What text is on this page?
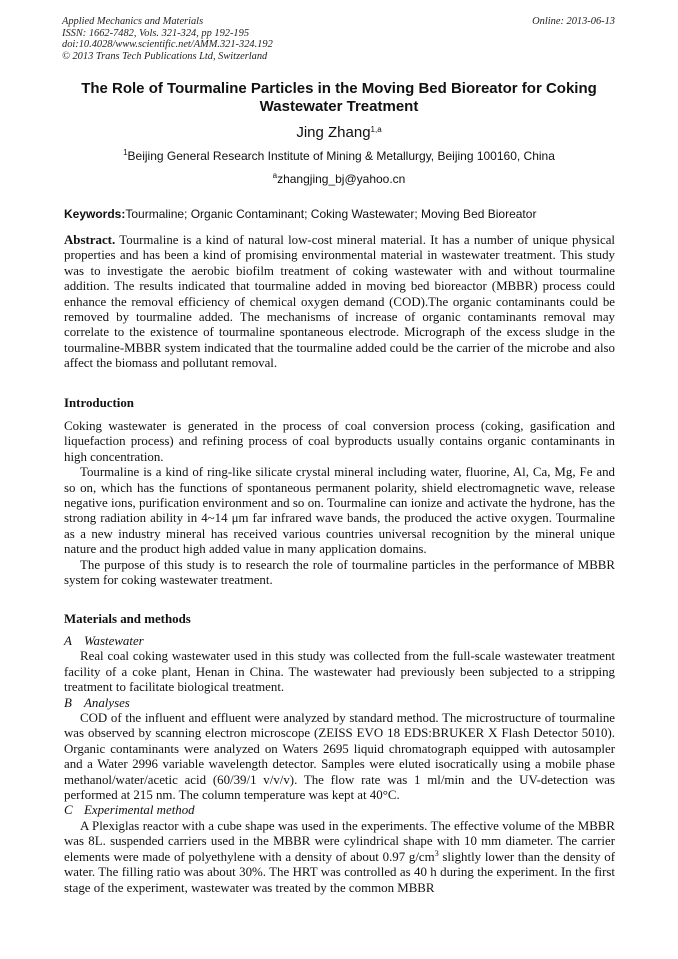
Applied Mechanics and Materials
ISSN: 1662-7482, Vols. 321-324, pp 192-195
doi:10.4028/www.scientific.net/AMM.321-324.192
© 2013 Trans Tech Publications Ltd, Switzerland
Online: 2013-06-13
The Role of Tourmaline Particles in the Moving Bed Bioreator for Coking Wastewater Treatment
Jing Zhang$^{1,a}$
$^1$Beijing General Research Institute of Mining & Metallurgy, Beijing 100160, China
$^a$zhangjing_bj@yahoo.cn
Keywords:Tourmaline; Organic Contaminant; Coking Wastewater; Moving Bed Bioreator

Abstract. Tourmaline is a kind of natural low-cost mineral material. It has a number of unique physical properties and has been a kind of promising environmental material in wastewater treatment. This study was to investigate the aerobic biofilm treatment of coking wastewater with and without tourmaline addition. The results indicated that tourmaline added in moving bed bioreactor (MBBR) process could enhance the removal efficiency of chemical oxygen demand (COD).The organic contaminants could be removed by tourmaline added. The mechanisms of increase of organic contaminants removal may correlate to the existence of tourmaline spontaneous electrode. Micrograph of the excess sludge in the tourmaline-MBBR system indicated that the tourmaline added could be the carrier of the microbe and also affect the biomass and pollutant removal.

Introduction

Coking wastewater is generated in the process of coal conversion process (coking, gasification and liquefaction process) and refining process of coal byproducts usually contains organic contaminants in high concentration.

Tourmaline is a kind of ring-like silicate crystal mineral including water, fluorine, Al, Ca, Mg, Fe and so on, which has the functions of spontaneous permanent polarity, shield electromagnetic wave, release negative ions, purification environment and so on. Tourmaline can ionize and activate the hydrone, has the strong radiation ability in 4~14 μm far infrared wave bands, the produced the active oxygen. Tourmaline as a new industry mineral has received various countries universal recognition by the mineral unique nature and the product high added value in many application domains.

The purpose of this study is to research the role of tourmaline particles in the performance of MBBR system for coking wastewater treatment.

Materials and methods

A Wastewater

Real coal coking wastewater used in this study was collected from the full-scale wastewater treatment facility of a coke plant, Henan in China. The wastewater had previously been subjected to a stripping treatment to facilitate biological treatment.

B Analyses

COD of the influent and effluent were analyzed by standard method. The microstructure of tourmaline was observed by scanning electron microscope (ZEISS EVO 18 EDS:BRUKER X Flash Detector 5010). Organic contaminants were analyzed on Waters 2695 liquid chromatograph equipped with autosampler and a Water 2996 variable wavelength detector. Samples were eluted isocratically using a mobile phase methanol/water/acetic acid (60/39/1 v/v/v). The flow rate was 1 ml/min and the UV-detection was performed at 215 nm. The column temperature was kept at 40°C.

C Experimental method

A Plexiglas reactor with a cube shape was used in the experiments. The effective volume of the MBBR was 8L. suspended carriers used in the MBBR were cylindrical shape with 10 mm diameter. The carrier elements were made of polyethylene with a density of about 0.97 $g/cm^3$ slightly lower than the density of water. The filling ratio was about 30%. The HRT was controlled as 40 h during the experiment. In the first stage of the experiment, wastewater was treated by the common MBBR
